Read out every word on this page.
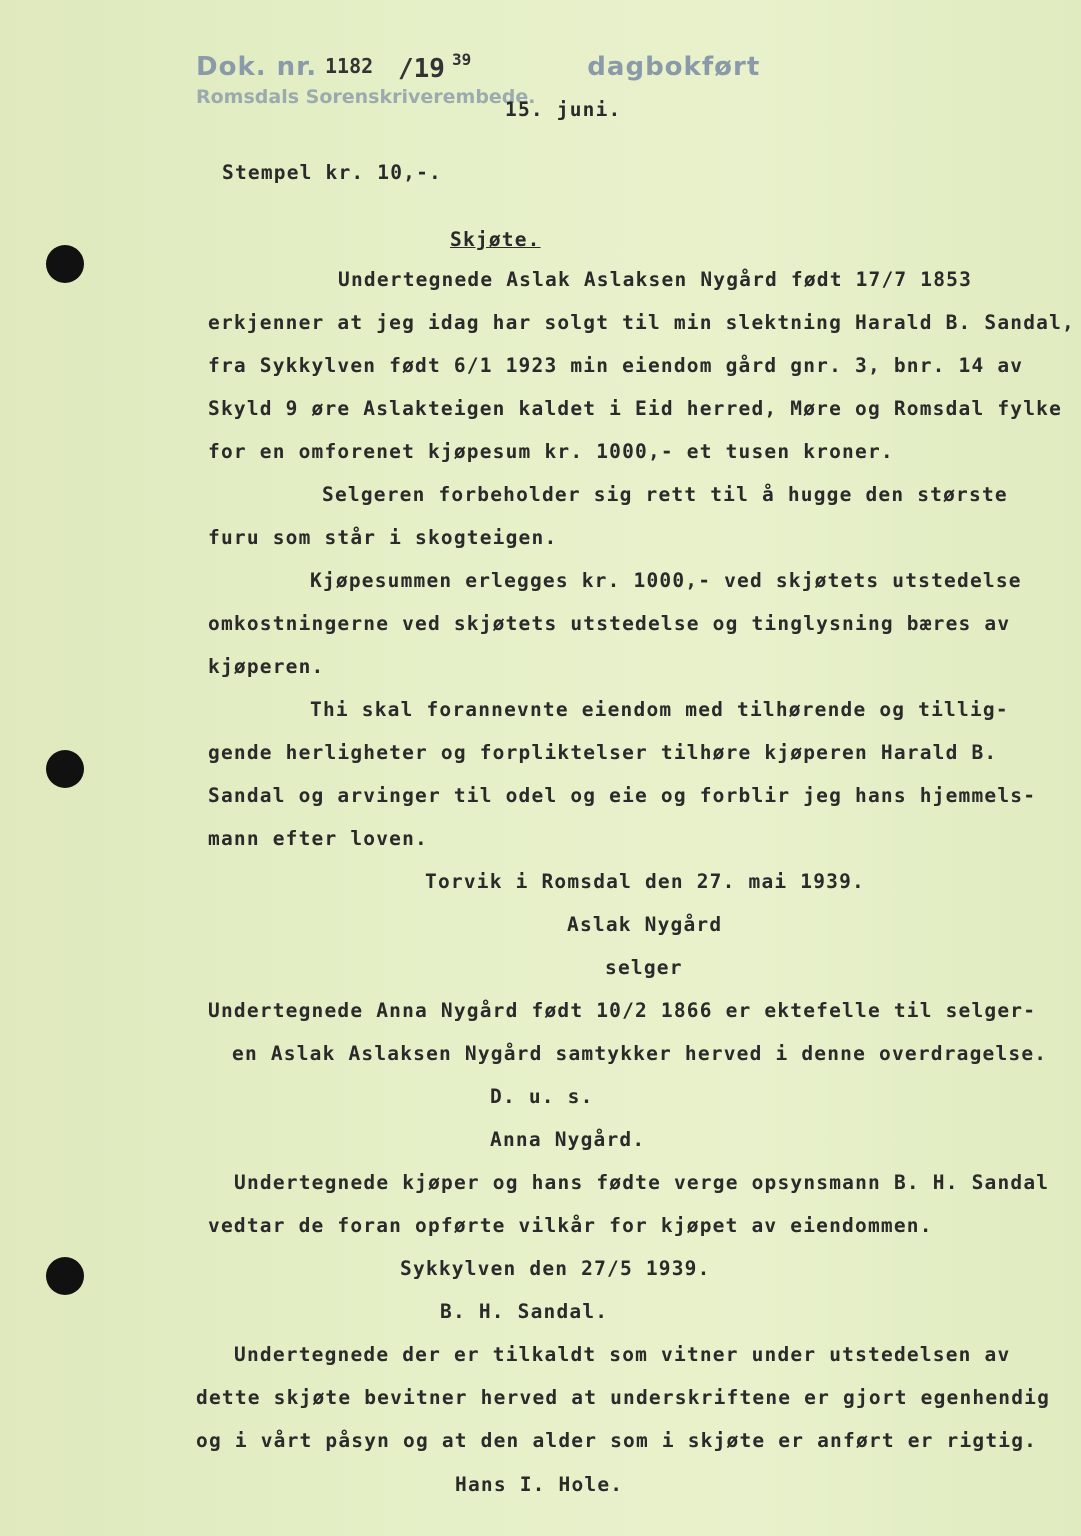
Dok. nr.	dagbokført
Romsdals Sorenskriverembede.
1182 /19 39
15. juni.
Stempel kr. 10,-.
Skjøte.
Undertegnede Aslak Aslaksen Nygård født 17/7 1853
erkjenner at jeg idag har solgt til min slektning Harald B. Sandal,
fra Sykkylven født 6/1 1923 min eiendom gård gnr. 3, bnr. 14 av
Skyld 9 øre Aslakteigen kaldet i Eid herred, Møre og Romsdal fylke
for en omforenet kjøpesum kr. 1000,- et tusen kroner.
Selgeren forbeholder sig rett til å hugge den største
furu som står i skogteigen.
Kjøpesummen erlegges kr. 1000,- ved skjøtets utstedelse
omkostningerne ved skjøtets utstedelse og tinglysning bæres av
kjøperen.
Thi skal forannevnte eiendom med tilhørende og tillig-
gende herligheter og forpliktelser tilhøre kjøperen Harald B.
Sandal og arvinger til odel og eie og forblir jeg hans hjemmels-
mann efter loven.
Torvik i Romsdal den 27. mai 1939.
Aslak Nygård
selger
Undertegnede Anna Nygård født 10/2 1866 er ektefelle til selger-
en Aslak Aslaksen Nygård samtykker herved i denne overdragelse.
D. u. s.
Anna Nygård.
Undertegnede kjøper og hans fødte verge opsynsmann B. H. Sandal
vedtar de foran opførte vilkår for kjøpet av eiendommen.
Sykkylven den 27/5 1939.
B. H. Sandal.
Undertegnede der er tilkaldt som vitner under utstedelsen av
dette skjøte bevitner herved at underskriftene er gjort egenhendig
og i vårt påsyn og at den alder som i skjøte er anført er rigtig.
Hans I. Hole.
